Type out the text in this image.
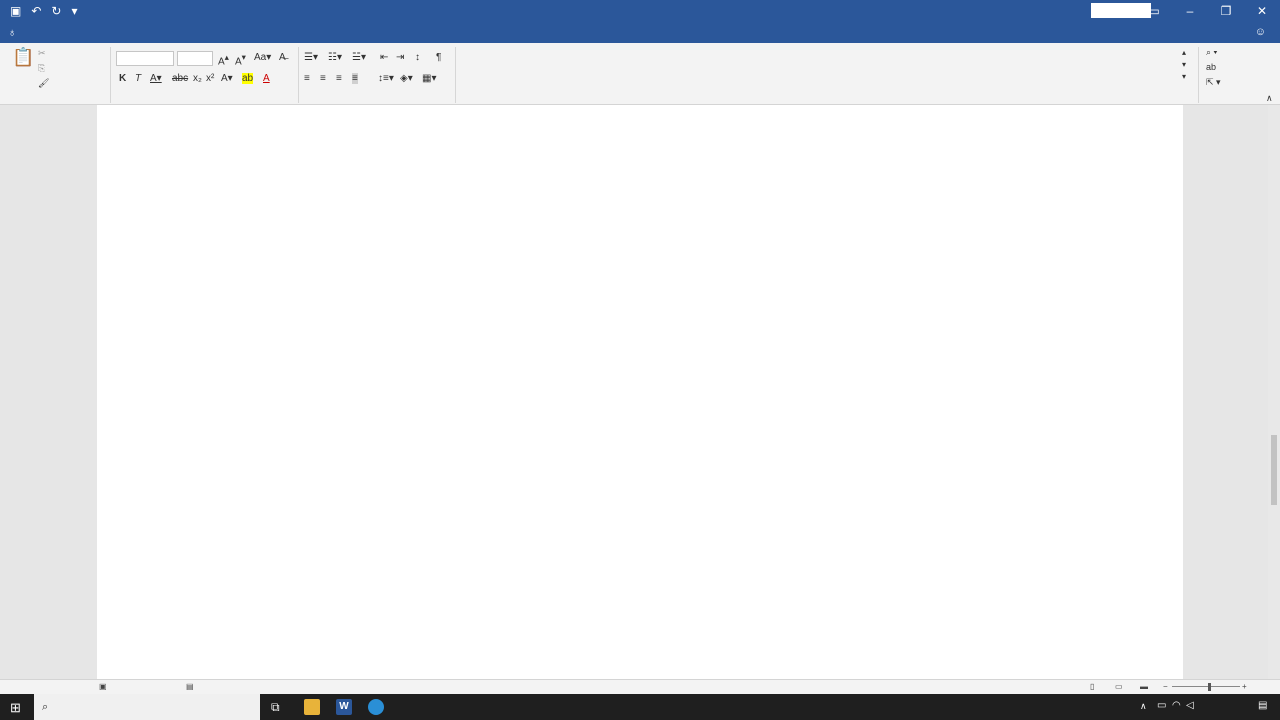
▣ ↶ ↻ ▾	▭	–	❐	✕
♁	☺
📋 ✂
⎘
🖌
A▴ A▾ Aa▾ A̶
K T A▾ abc x₂ x² A▾ ab A
☰▾ ☷▾ ☱▾ ⇤ ⇥ ↕ ¶
≡ ≡ ≡ ≡ ↕≡▾ ◈▾ ▦▾
▴
▾
▾
⌕ ▾
ab
⇱ ▾
∧
▣	▤	▯	▭ ▬ −	+
⊞ ⌕	⧉	W	∧ ▭ ◠ ◁	▤
